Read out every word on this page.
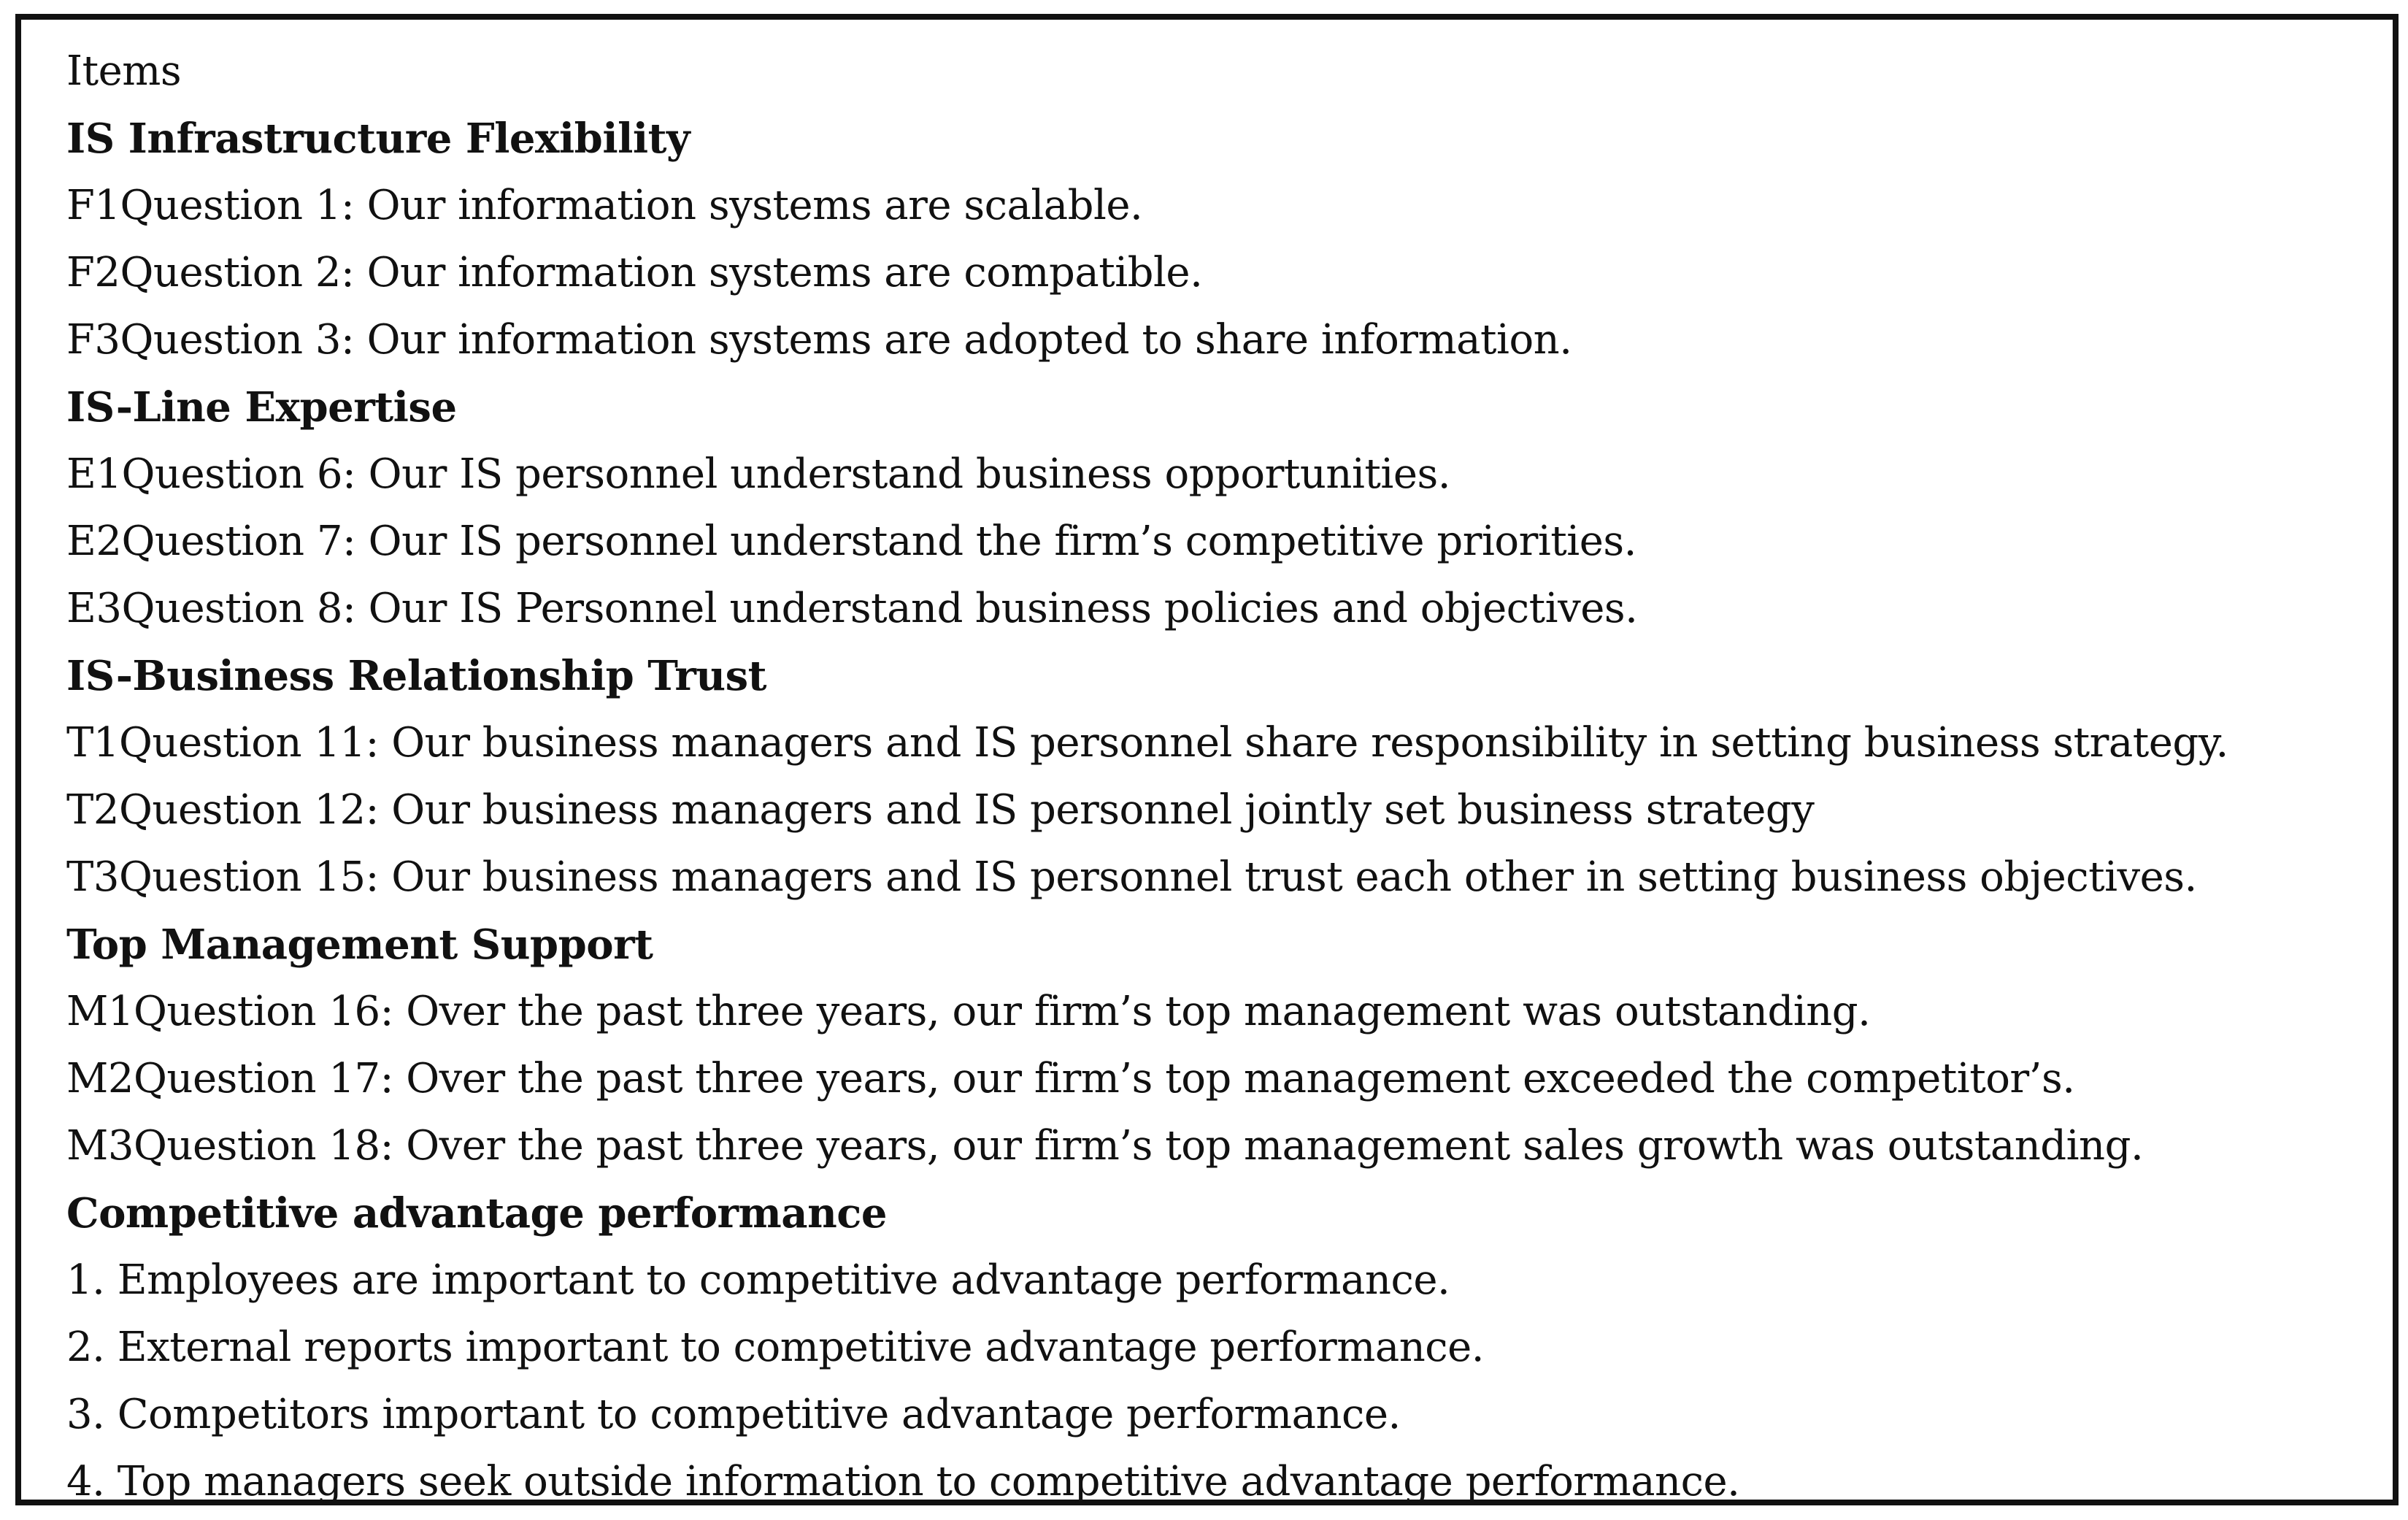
Items
IS Infrastructure Flexibility
F1Question 1: Our information systems are scalable.
F2Question 2: Our information systems are compatible.
F3Question 3: Our information systems are adopted to share information.
IS-Line Expertise
E1Question 6: Our IS personnel understand business opportunities.
E2Question 7: Our IS personnel understand the firm’s competitive priorities.
E3Question 8: Our IS Personnel understand business policies and objectives.
IS-Business Relationship Trust
T1Question 11: Our business managers and IS personnel share responsibility in setting business strategy.
T2Question 12: Our business managers and IS personnel jointly set business strategy
T3Question 15: Our business managers and IS personnel trust each other in setting business objectives.
Top Management Support
M1Question 16: Over the past three years, our firm’s top management was outstanding.
M2Question 17: Over the past three years, our firm’s top management exceeded the competitor’s.
M3Question 18: Over the past three years, our firm’s top management sales growth was outstanding.
Competitive advantage performance
1. Employees are important to competitive advantage performance.
2. External reports important to competitive advantage performance.
3. Competitors important to competitive advantage performance.
4. Top managers seek outside information to competitive advantage performance.
